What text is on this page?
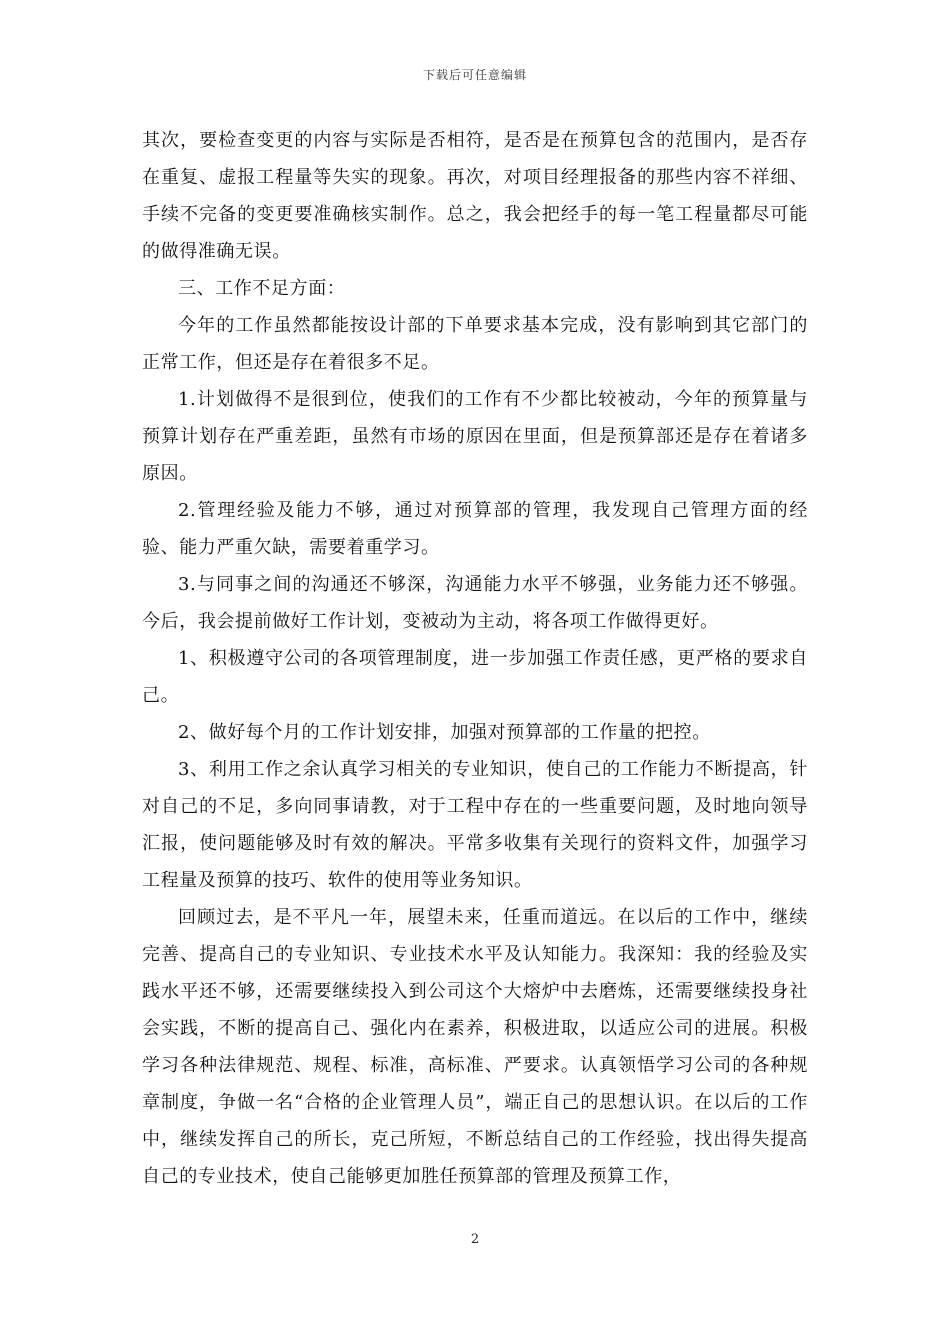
下载后可任意编辑

其次，要检查变更的内容与实际是否相符，是否是在预算包含的范围内，是否存在重复、虚报工程量等失实的现象。再次，对项目经理报备的那些内容不祥细、手续不完备的变更要准确核实制作。总之，我会把经手的每一笔工程量都尽可能的做得准确无误。

三、工作不足方面：

今年的工作虽然都能按设计部的下单要求基本完成，没有影响到其它部门的正常工作，但还是存在着很多不足。

1.计划做得不是很到位，使我们的工作有不少都比较被动，今年的预算量与预算计划存在严重差距，虽然有市场的原因在里面，但是预算部还是存在着诸多原因。

2.管理经验及能力不够，通过对预算部的管理，我发现自己管理方面的经验、能力严重欠缺，需要着重学习。

3.与同事之间的沟通还不够深，沟通能力水平不够强，业务能力还不够强。今后，我会提前做好工作计划，变被动为主动，将各项工作做得更好。

1、积极遵守公司的各项管理制度，进一步加强工作责任感，更严格的要求自己。

2、做好每个月的工作计划安排，加强对预算部的工作量的把控。

3、利用工作之余认真学习相关的专业知识，使自己的工作能力不断提高，针对自己的不足，多向同事请教，对于工程中存在的一些重要问题，及时地向领导汇报，使问题能够及时有效的解决。平常多收集有关现行的资料文件，加强学习工程量及预算的技巧、软件的使用等业务知识。

回顾过去，是不平凡一年，展望未来，任重而道远。在以后的工作中，继续完善、提高自己的专业知识、专业技术水平及认知能力。我深知：我的经验及实践水平还不够，还需要继续投入到公司这个大熔炉中去磨炼，还需要继续投身社会实践，不断的提高自己、强化内在素养，积极进取，以适应公司的进展。积极学习各种法律规范、规程、标准，高标准、严要求。认真领悟学习公司的各种规章制度，争做一名“合格的企业管理人员”，端正自己的思想认识。在以后的工作中，继续发挥自己的所长，克己所短，不断总结自己的工作经验，找出得失提高自己的专业技术，使自己能够更加胜任预算部的管理及预算工作，

2
